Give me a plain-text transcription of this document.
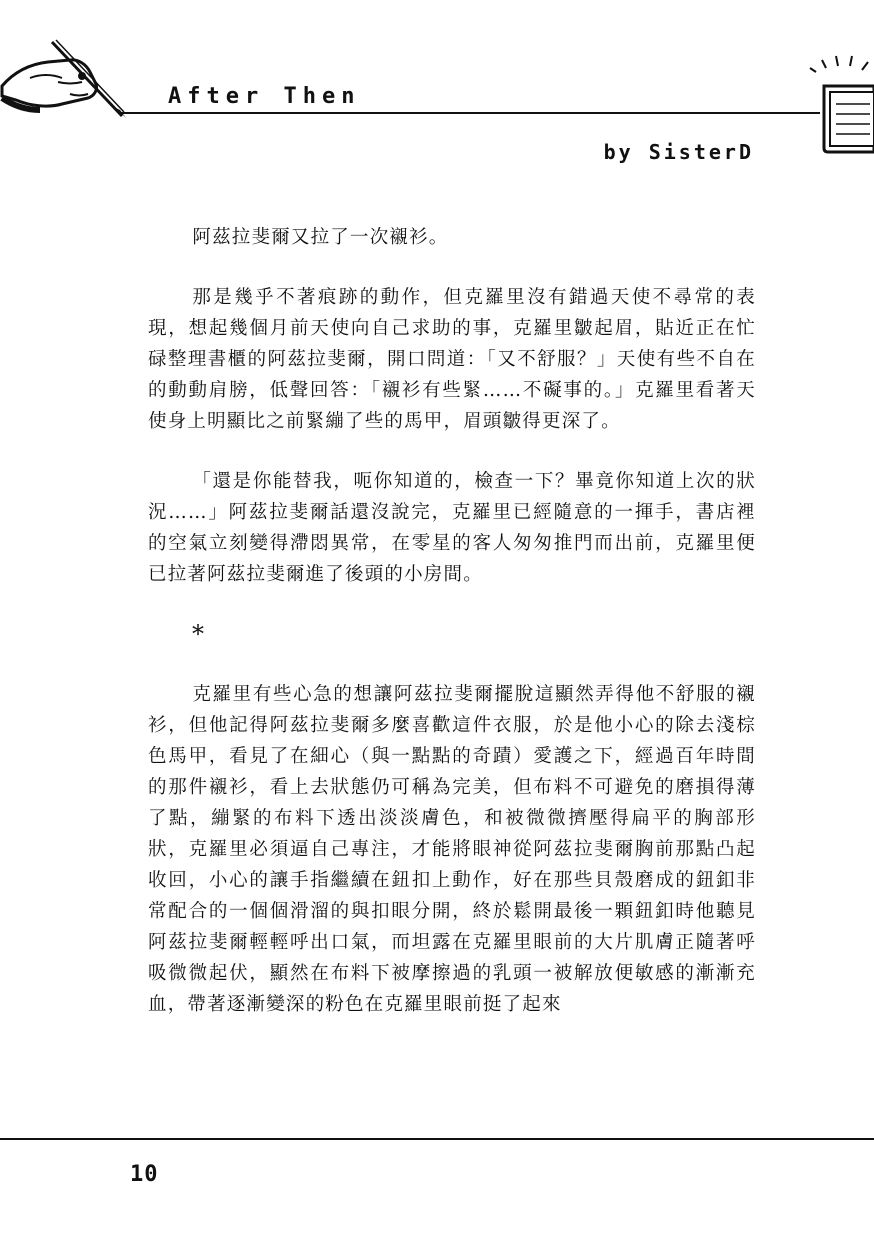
After Then
by SisterD

阿茲拉斐爾又拉了一次襯衫。

那是幾乎不著痕跡的動作，但克羅里沒有錯過天使不尋常的表現，想起幾個月前天使向自己求助的事，克羅里皺起眉，貼近正在忙碌整理書櫃的阿茲拉斐爾，開口問道：「又不舒服？」天使有些不自在的動動肩膀，低聲回答：「襯衫有些緊……不礙事的。」克羅里看著天使身上明顯比之前緊繃了些的馬甲，眉頭皺得更深了。

「還是你能替我，呃你知道的，檢查一下？畢竟你知道上次的狀況……」阿茲拉斐爾話還沒說完，克羅里已經隨意的一揮手，書店裡的空氣立刻變得滯悶異常，在零星的客人匆匆推門而出前，克羅里便已拉著阿茲拉斐爾進了後頭的小房間。

*

克羅里有些心急的想讓阿茲拉斐爾擺脫這顯然弄得他不舒服的襯衫，但他記得阿茲拉斐爾多麼喜歡這件衣服，於是他小心的除去淺棕色馬甲，看見了在細心（與一點點的奇蹟）愛護之下，經過百年時間的那件襯衫，看上去狀態仍可稱為完美，但布料不可避免的磨損得薄了點，繃緊的布料下透出淡淡膚色，和被微微擠壓得扁平的胸部形狀，克羅里必須逼自己專注，才能將眼神從阿茲拉斐爾胸前那點凸起收回，小心的讓手指繼續在鈕扣上動作，好在那些貝殼磨成的鈕釦非常配合的一個個滑溜的與扣眼分開，終於鬆開最後一顆鈕釦時他聽見阿茲拉斐爾輕輕呼出口氣，而坦露在克羅里眼前的大片肌膚正隨著呼吸微微起伏，顯然在布料下被摩擦過的乳頭一被解放便敏感的漸漸充血，帶著逐漸變深的粉色在克羅里眼前挺了起來

10
